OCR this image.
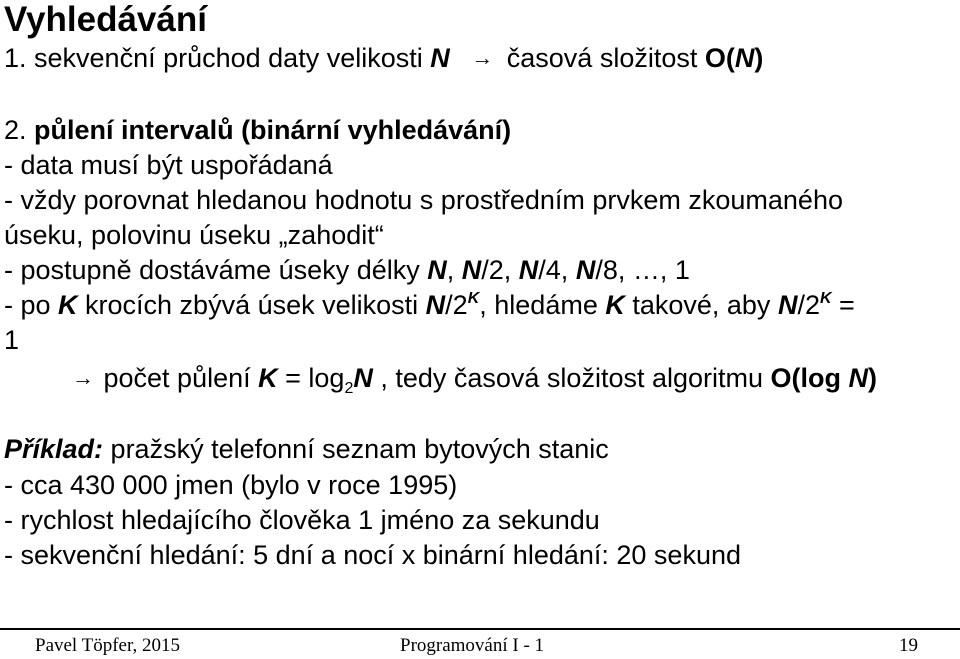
Vyhledávání
1. sekvenční průchod daty velikosti N → časová složitost O(N)
2. půlení intervalů (binární vyhledávání)
- data musí být uspořádaná
- vždy porovnat hledanou hodnotu s prostředním prvkem zkoumaného
úseku, polovinu úseku „zahodit“
- postupně dostáváme úseky délky N, N/2, N/4, N/8, …, 1
- po K krocích zbývá úsek velikosti $N/2^K$, hledáme K takové, aby $N/2^K$ =
1
→ počet půlení $K = \log_2N$ , tedy časová složitost algoritmu O(log N)
Příklad: pražský telefonní seznam bytových stanic
- cca 430 000 jmen (bylo v roce 1995)
- rychlost hledajícího člověka 1 jméno za sekundu
- sekvenční hledání: 5 dní a nocí x binární hledání: 20 sekund
Pavel Töpfer, 2015	Programování I - 1	19
